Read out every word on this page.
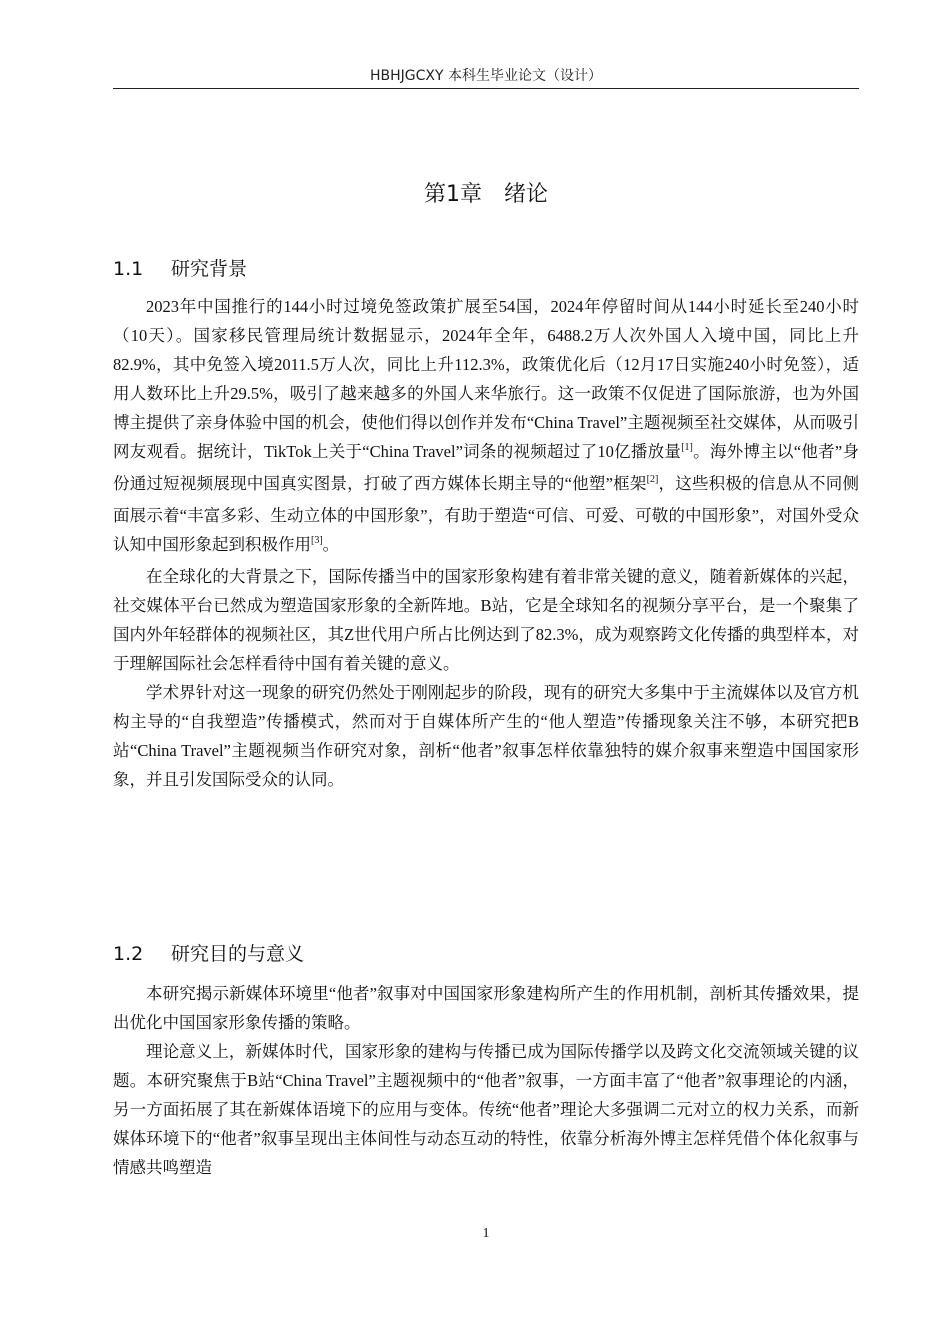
HBHJGCXY 本科生毕业论文（设计）
第1章　绪论
1.1 研究背景

2023年中国推行的144小时过境免签政策扩展至54国，2024年停留时间从144小时延长至240小时（10天）。国家移民管理局统计数据显示，2024年全年，6488.2万人次外国人入境中国，同比上升82.9%，其中免签入境2011.5万人次，同比上升112.3%，政策优化后（12月17日实施240小时免签），适用人数环比上升29.5%，吸引了越来越多的外国人来华旅行。这一政策不仅促进了国际旅游，也为外国博主提供了亲身体验中国的机会，使他们得以创作并发布“China Travel”主题视频至社交媒体，从而吸引网友观看。据统计，TikTok上关于“China Travel”词条的视频超过了10亿播放量[1]。海外博主以“他者”身份通过短视频展现中国真实图景，打破了西方媒体长期主导的“他塑”框架[2]，这些积极的信息从不同侧面展示着“丰富多彩、生动立体的中国形象”，有助于塑造“可信、可爱、可敬的中国形象”，对国外受众认知中国形象起到积极作用[3]。

在全球化的大背景之下，国际传播当中的国家形象构建有着非常关键的意义，随着新媒体的兴起，社交媒体平台已然成为塑造国家形象的全新阵地。B站，它是全球知名的视频分享平台，是一个聚集了国内外年轻群体的视频社区，其Z世代用户所占比例达到了82.3%，成为观察跨文化传播的典型样本，对于理解国际社会怎样看待中国有着关键的意义。

学术界针对这一现象的研究仍然处于刚刚起步的阶段，现有的研究大多集中于主流媒体以及官方机构主导的“自我塑造”传播模式，然而对于自媒体所产生的“他人塑造”传播现象关注不够，本研究把B站“China Travel”主题视频当作研究对象，剖析“他者”叙事怎样依靠独特的媒介叙事来塑造中国国家形象，并且引发国际受众的认同。

1.2 研究目的与意义

本研究揭示新媒体环境里“他者”叙事对中国国家形象建构所产生的作用机制，剖析其传播效果，提出优化中国国家形象传播的策略。

理论意义上，新媒体时代，国家形象的建构与传播已成为国际传播学以及跨文化交流领域关键的议题。本研究聚焦于B站“China Travel”主题视频中的“他者”叙事，一方面丰富了“他者”叙事理论的内涵，另一方面拓展了其在新媒体语境下的应用与变体。传统“他者”理论大多强调二元对立的权力关系，而新媒体环境下的“他者”叙事呈现出主体间性与动态互动的特性，依靠分析海外博主怎样凭借个体化叙事与情感共鸣塑造

1
